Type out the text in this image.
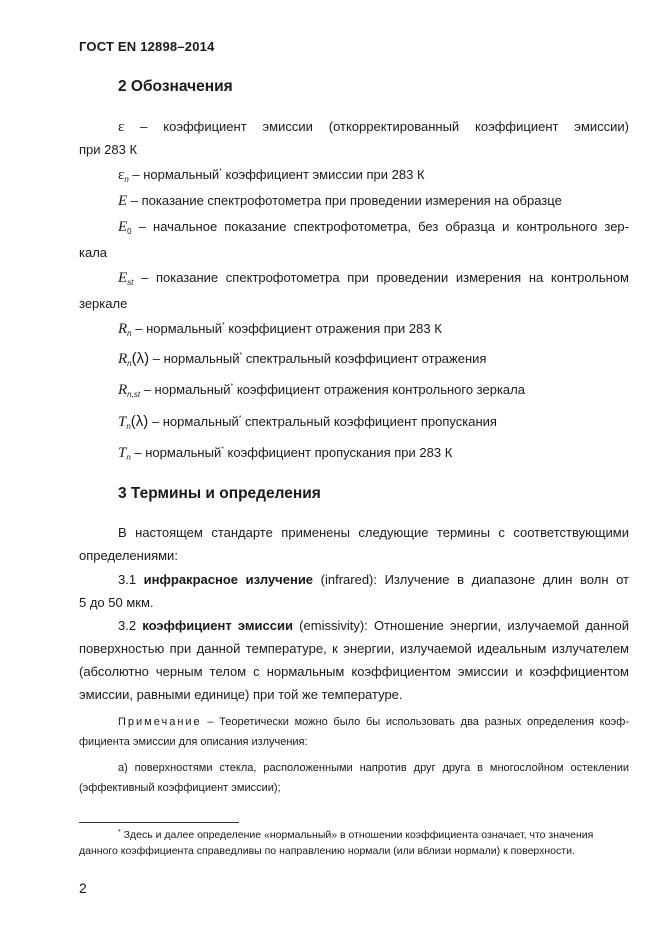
ГОСТ EN 12898–2014
2 Обозначения
ε – коэффициент эмиссии (откорректированный коэффициент эмиссии)
при 283 К
$\varepsilon_n$ – нормальный* коэффициент эмиссии при 283 К
E – показание спектрофотометра при проведении измерения на образце
$E_0$ – начальное показание спектрофотометра, без образца и контрольного зер-
кала
$E_{st}$ – показание спектрофотометра при проведении измерения на контрольном
зеркале
$R_n$ – нормальный* коэффициент отражения при 283 К
$R_n(\lambda)$ – нормальный* спектральный коэффициент отражения
$R_{n,st}$ – нормальный* коэффициент отражения контрольного зеркала
$T_n(\lambda)$ – нормальный* спектральный коэффициент пропускания
$T_n$ – нормальный* коэффициент пропускания при 283 К
3 Термины и определения
В настоящем стандарте применены следующие термины с соответствующими
определениями:
3.1 инфракрасное излучение (infrared): Излучение в диапазоне длин волн от
5 до 50 мкм.
3.2 коэффициент эмиссии (emissivity): Отношение энергии, излучаемой данной
поверхностью при данной температуре, к энергии, излучаемой идеальным излучателем
(абсолютно черным телом с нормальным коэффициентом эмиссии и коэффициентом
эмиссии, равными единице) при той же температуре.
Примечание – Теоретически можно было бы использовать два разных определения коэф-
фициента эмиссии для описания излучения:
а) поверхностями стекла, расположенными напротив друг друга в многослойном остеклении
(эффективный коэффициент эмиссии);
* Здесь и далее определение «нормальный» в отношении коэффициента означает, что значения
данного коэффициента справедливы по направлению нормали (или вблизи нормали) к поверхности.
2
